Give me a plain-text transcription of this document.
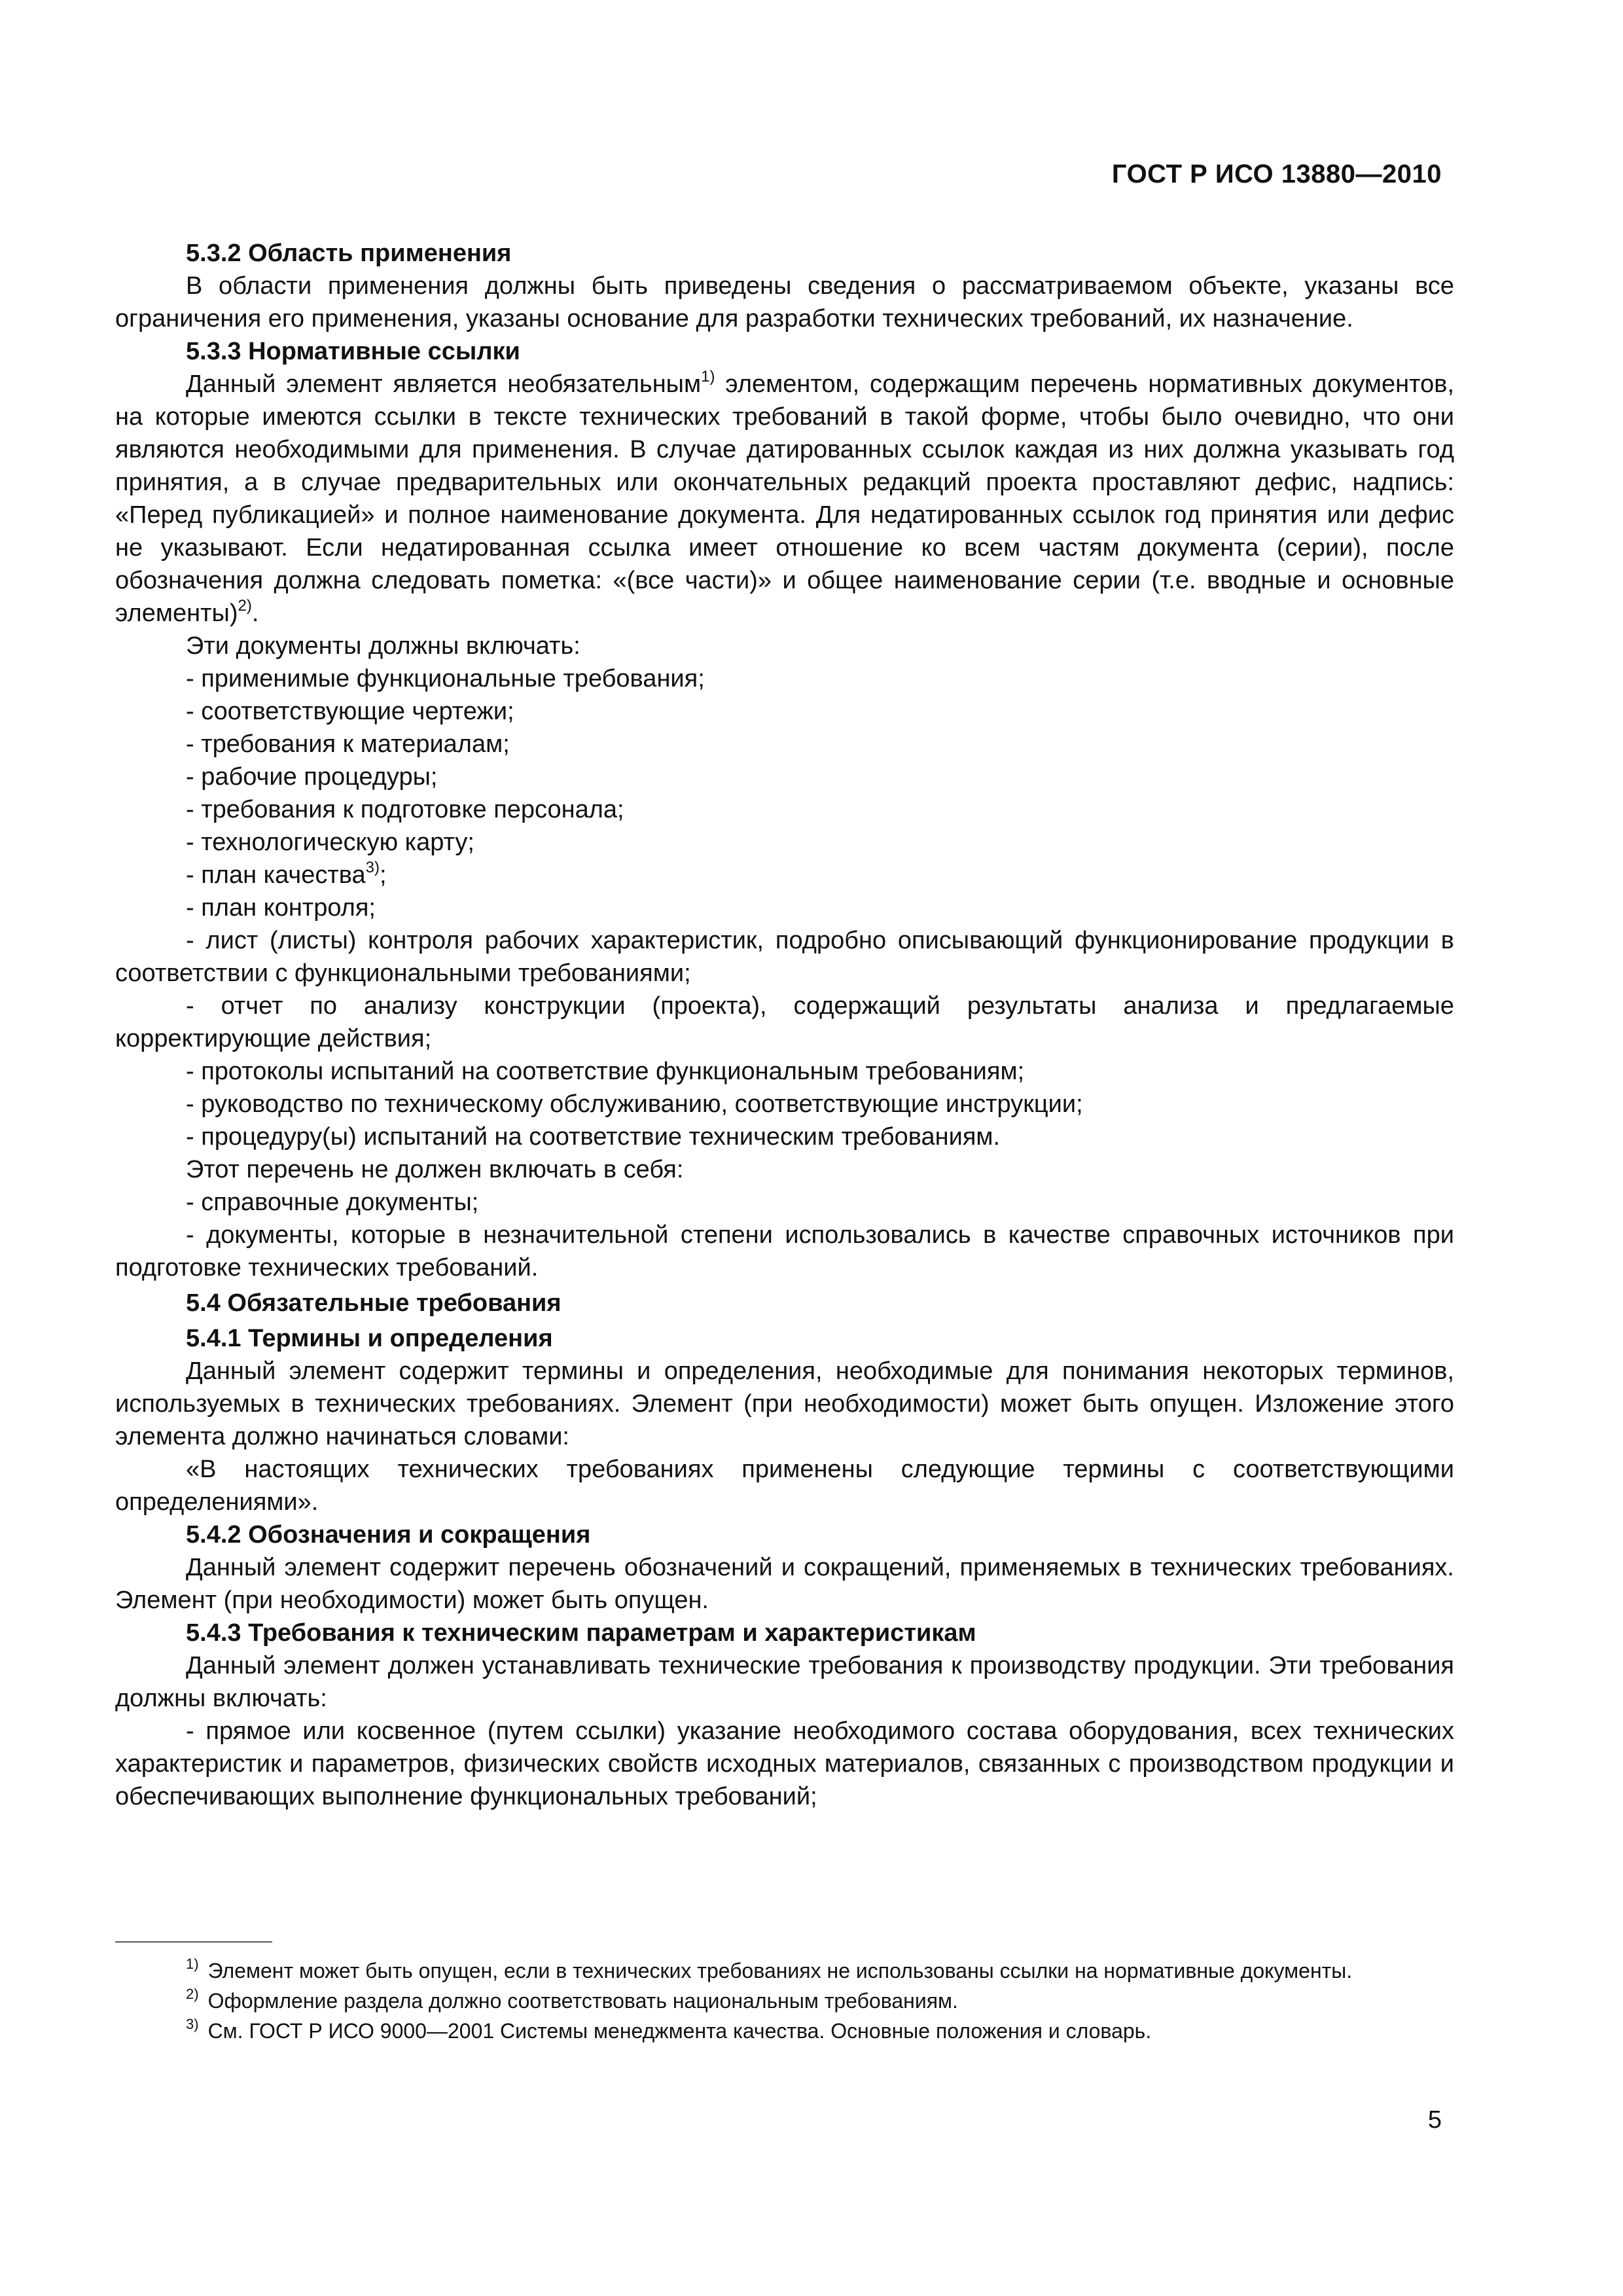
ГОСТ Р ИСО 13880—2010

5.3.2 Область применения

В области применения должны быть приведены сведения о рассматриваемом объекте, указаны все ограничения его применения, указаны основание для разработки технических требований, их назначение.

5.3.3 Нормативные ссылки

Данный элемент является необязательным$^{1)}$ элементом, содержащим перечень нормативных документов, на которые имеются ссылки в тексте технических требований в такой форме, чтобы было очевидно, что они являются необходимыми для применения. В случае датированных ссылок каждая из них должна указывать год принятия, а в случае предварительных или окончательных редакций проекта проставляют дефис, надпись: «Перед публикацией» и полное наименование документа. Для недатированных ссылок год принятия или дефис не указывают. Если недатированная ссылка имеет отношение ко всем частям документа (серии), после обозначения должна следовать пометка: «(все части)» и общее наименование серии (т.е. вводные и основные элементы)$^{2)}$.

Эти документы должны включать:

- применимые функциональные требования;

- соответствующие чертежи;

- требования к материалам;

- рабочие процедуры;

- требования к подготовке персонала;

- технологическую карту;

- план качества$^{3)}$;

- план контроля;

- лист (листы) контроля рабочих характеристик, подробно описывающий функционирование продукции в соответствии с функциональными требованиями;

- отчет по анализу конструкции (проекта), содержащий результаты анализа и предлагаемые корректирующие действия;

- протоколы испытаний на соответствие функциональным требованиям;

- руководство по техническому обслуживанию, соответствующие инструкции;

- процедуру(ы) испытаний на соответствие техническим требованиям.

Этот перечень не должен включать в себя:

- справочные документы;

- документы, которые в незначительной степени использовались в качестве справочных источников при подготовке технических требований.

5.4 Обязательные требования

5.4.1 Термины и определения

Данный элемент содержит термины и определения, необходимые для понимания некоторых терминов, используемых в технических требованиях. Элемент (при необходимости) может быть опущен. Изложение этого элемента должно начинаться словами:

«В настоящих технических требованиях применены следующие термины с соответствующими определениями».

5.4.2 Обозначения и сокращения

Данный элемент содержит перечень обозначений и сокращений, применяемых в технических требованиях. Элемент (при необходимости) может быть опущен.

5.4.3 Требования к техническим параметрам и характеристикам

Данный элемент должен устанавливать технические требования к производству продукции. Эти требования должны включать:

- прямое или косвенное (путем ссылки) указание необходимого состава оборудования, всех технических характеристик и параметров, физических свойств исходных материалов, связанных с производством продукции и обеспечивающих выполнение функциональных требований;

$^{1)}$ Элемент может быть опущен, если в технических требованиях не использованы ссылки на нормативные документы.

$^{2)}$ Оформление раздела должно соответствовать национальным требованиям.

$^{3)}$ См. ГОСТ Р ИСО 9000—2001 Системы менеджмента качества. Основные положения и словарь.

5
